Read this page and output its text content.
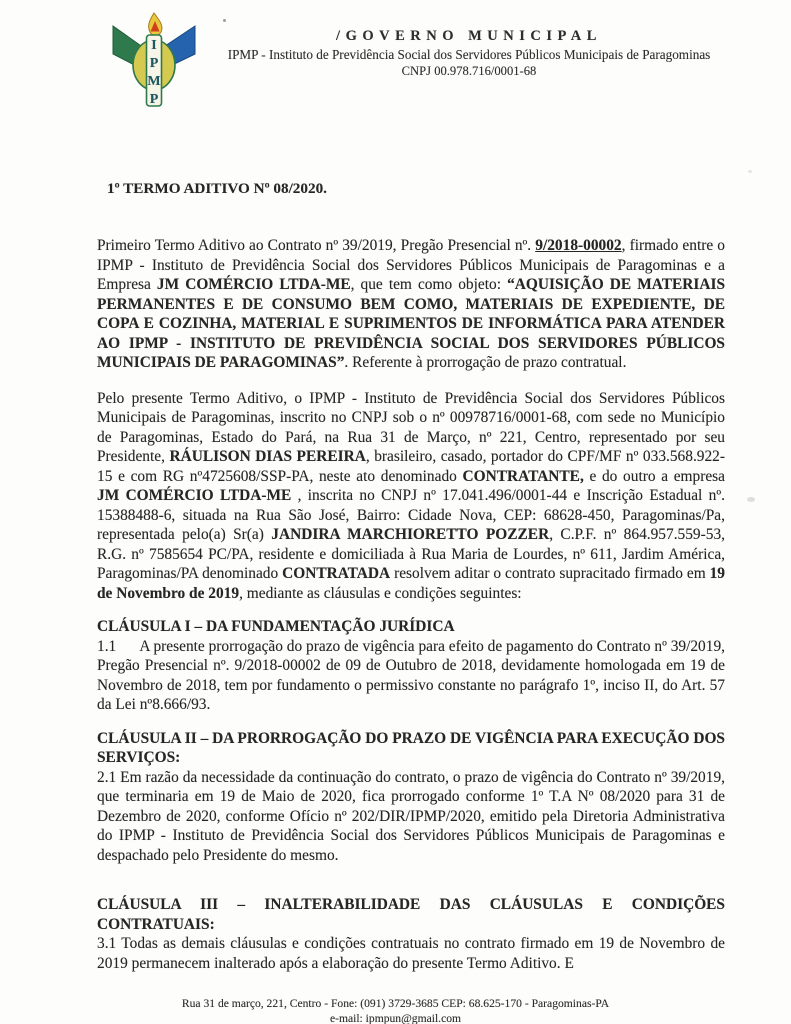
I
P
M
P
/GOVERNO MUNICIPAL
IPMP - Instituto de Previdência Social dos Servidores Públicos Municipais de Paragominas
CNPJ 00.978.716/0001-68
1º TERMO ADITIVO Nº 08/2020.
Primeiro Termo Aditivo ao Contrato nº 39/2019, Pregão Presencial nº. 9/2018-00002, firmado entre o IPMP - Instituto de Previdência Social dos Servidores Públicos Municipais de Paragominas e a Empresa JM COMÉRCIO LTDA-ME, que tem como objeto: “AQUISIÇÃO DE MATERIAIS PERMANENTES E DE CONSUMO BEM COMO, MATERIAIS DE EXPEDIENTE, DE COPA E COZINHA, MATERIAL E SUPRIMENTOS DE INFORMÁTICA PARA ATENDER AO IPMP - INSTITUTO DE PREVIDÊNCIA SOCIAL DOS SERVIDORES PÚBLICOS MUNICIPAIS DE PARAGOMINAS”. Referente à prorrogação de prazo contratual.
Pelo presente Termo Aditivo, o IPMP - Instituto de Previdência Social dos Servidores Públicos Municipais de Paragominas, inscrito no CNPJ sob o nº 00978716/0001-68, com sede no Município de Paragominas, Estado do Pará, na Rua 31 de Março, nº 221, Centro, representado por seu Presidente, RÁULISON DIAS PEREIRA, brasileiro, casado, portador do CPF/MF nº 033.568.922-15 e com RG nº4725608/SSP-PA, neste ato denominado CONTRATANTE, e do outro a empresa JM COMÉRCIO LTDA-ME , inscrita no CNPJ nº 17.041.496/0001-44 e Inscrição Estadual nº. 15388488-6, situada na Rua São José, Bairro: Cidade Nova, CEP: 68628-450, Paragominas/Pa, representada pelo(a) Sr(a) JANDIRA MARCHIORETTO POZZER, C.P.F. nº 864.957.559-53, R.G. nº 7585654 PC/PA, residente e domiciliada à Rua Maria de Lourdes, nº 611, Jardim América, Paragominas/PA denominado CONTRATADA resolvem aditar o contrato supracitado firmado em 19 de Novembro de 2019, mediante as cláusulas e condições seguintes:
CLÁUSULA I – DA FUNDAMENTAÇÃO JURÍDICA
1.1      A presente prorrogação do prazo de vigência para efeito de pagamento do Contrato nº 39/2019, Pregão Presencial nº. 9/2018-00002 de 09 de Outubro de 2018, devidamente homologada em 19 de Novembro de 2018, tem por fundamento o permissivo constante no parágrafo 1º, inciso II, do Art. 57 da Lei nº8.666/93.
CLÁUSULA II – DA PRORROGAÇÃO DO PRAZO DE VIGÊNCIA PARA EXECUÇÃO DOS SERVIÇOS:
2.1 Em razão da necessidade da continuação do contrato, o prazo de vigência do Contrato nº 39/2019, que terminaria em 19 de Maio de 2020, fica prorrogado conforme 1º T.A Nº 08/2020 para 31 de Dezembro de 2020, conforme Ofício nº 202/DIR/IPMP/2020, emitido pela Diretoria Administrativa do IPMP - Instituto de Previdência Social dos Servidores Públicos Municipais de Paragominas e despachado pelo Presidente do mesmo.
CLÁUSULA III – INALTERABILIDADE DAS CLÁUSULAS E CONDIÇÕES CONTRATUAIS:
3.1 Todas as demais cláusulas e condições contratuais no contrato firmado em 19 de Novembro de 2019 permanecem inalterado após a elaboração do presente Termo Aditivo. E
Rua 31 de março, 221, Centro - Fone: (091) 3729-3685 CEP: 68.625-170 - Paragominas-PA
e-mail: ipmpun@gmail.com
